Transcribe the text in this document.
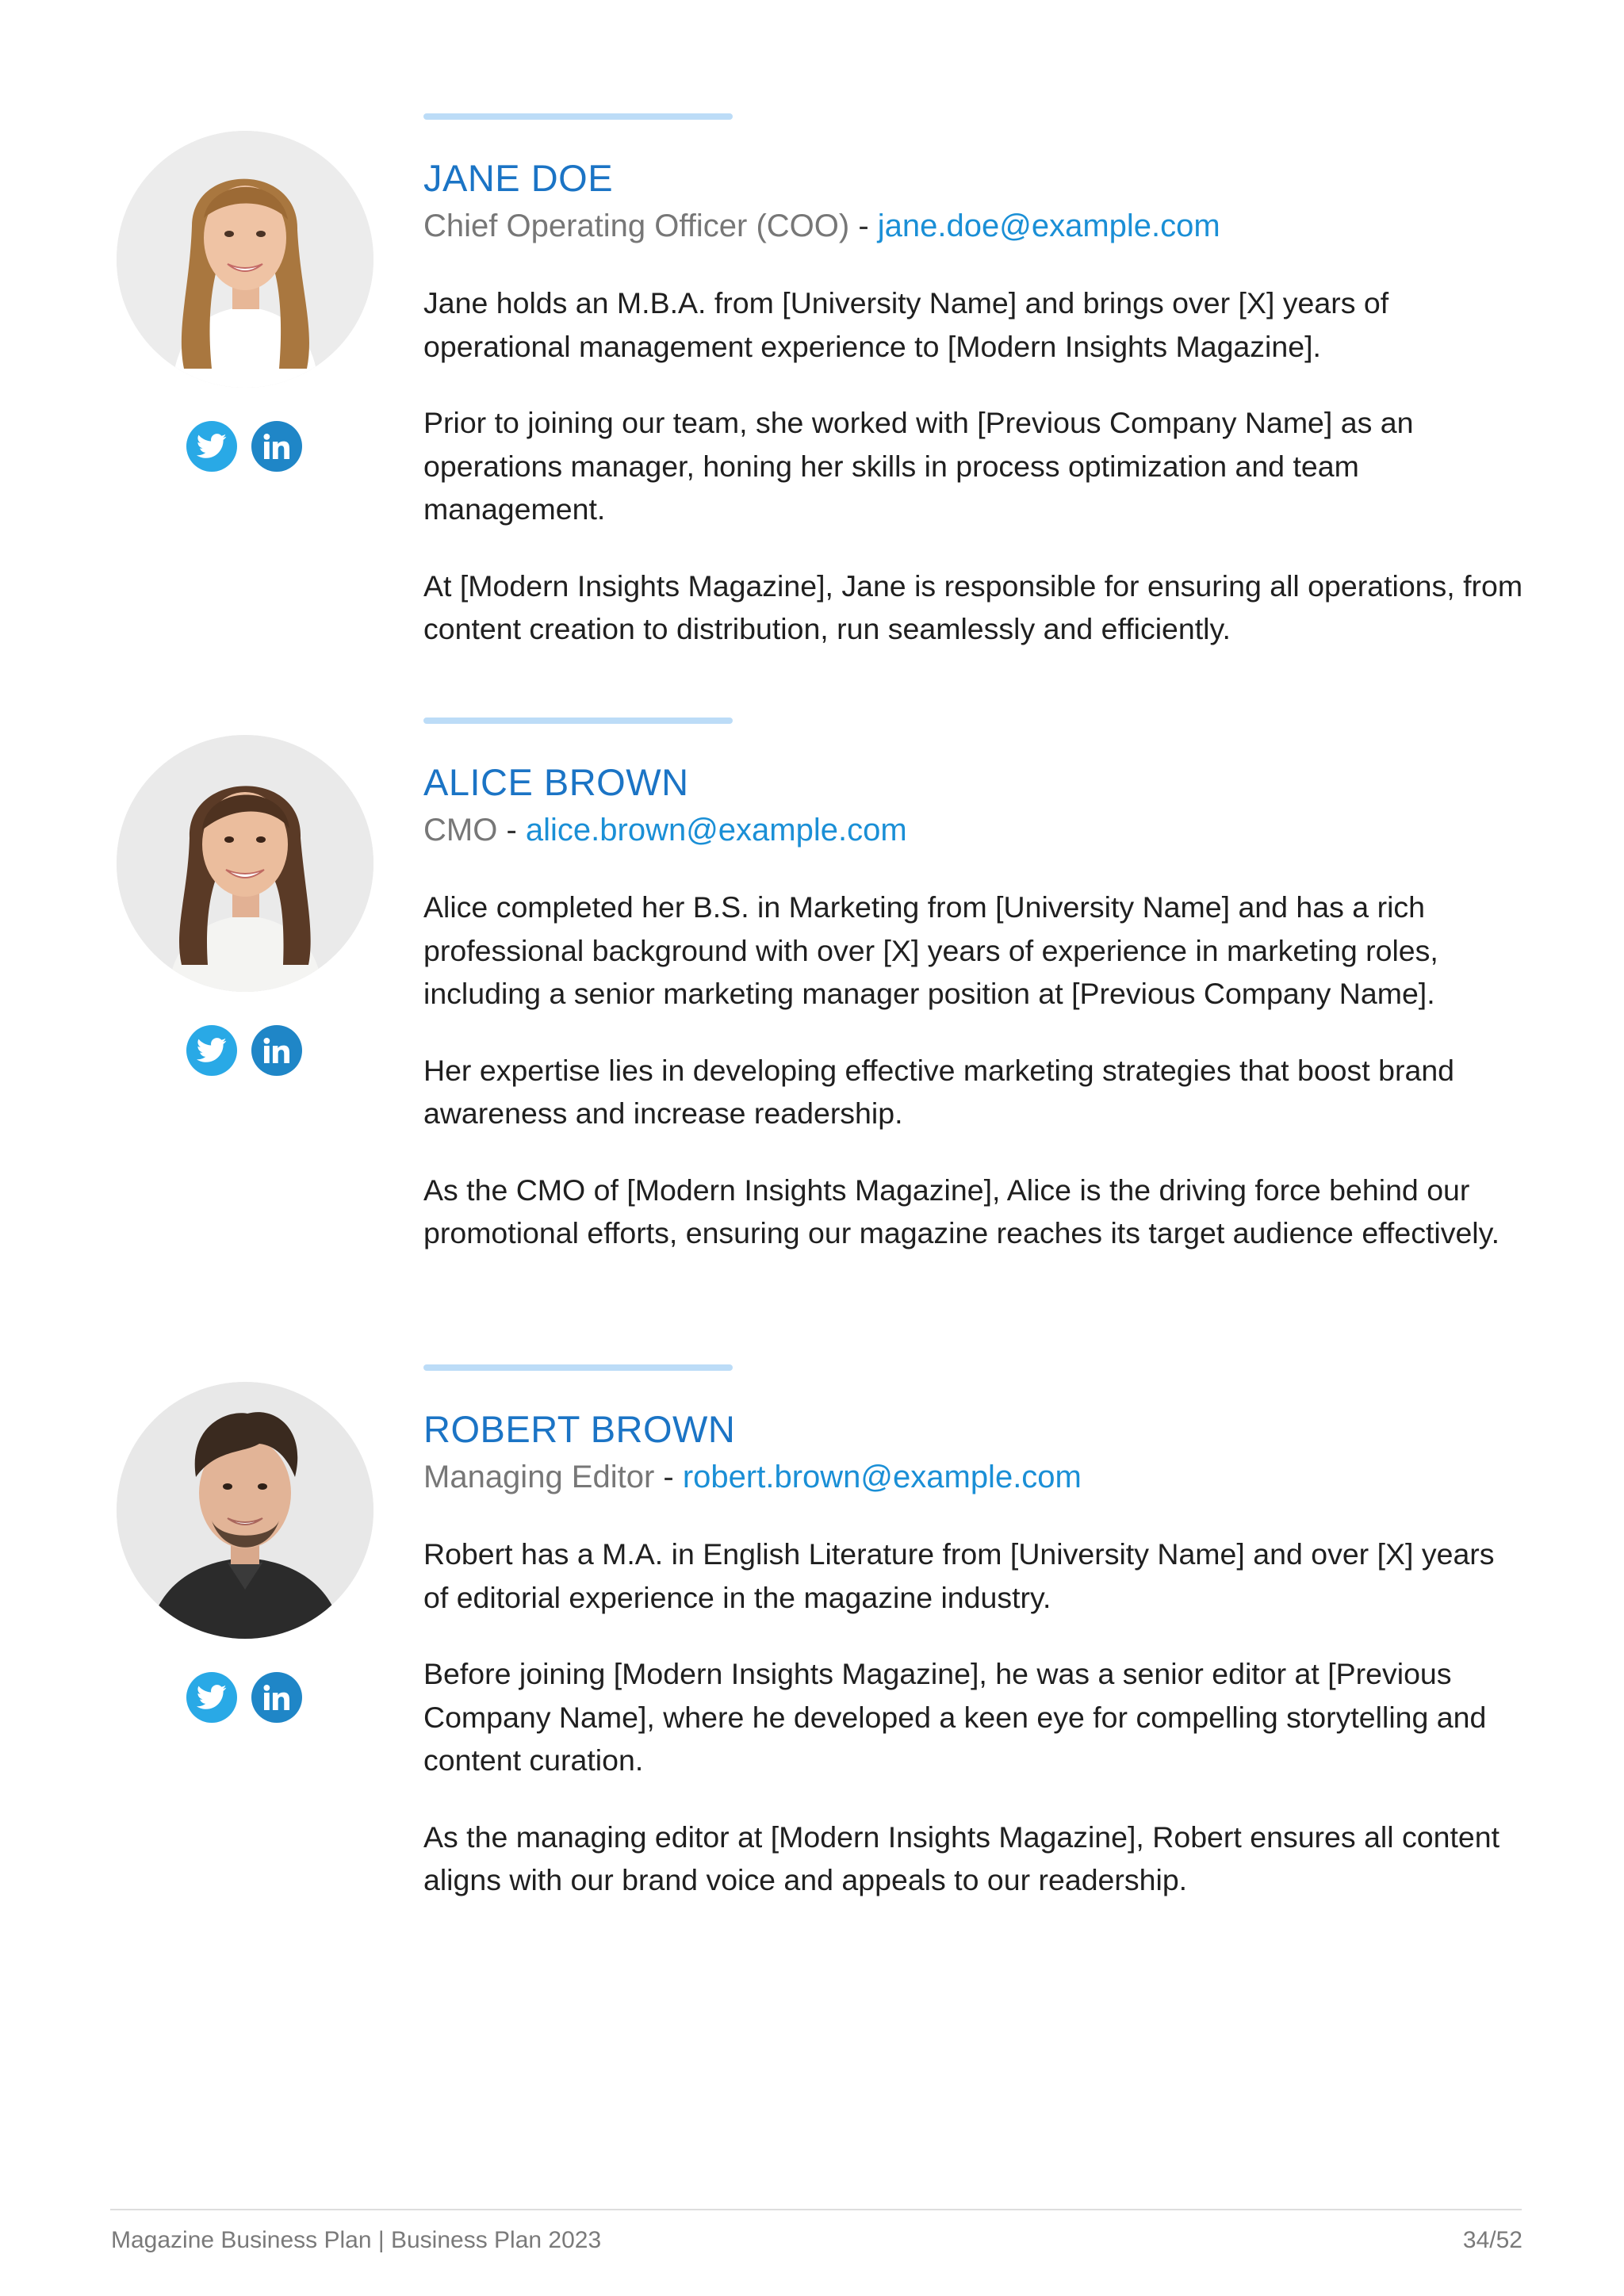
JANE DOE
Chief Operating Officer (COO) - jane.doe@example.com

Jane holds an M.B.A. from [University Name] and brings over [X] years of operational management experience to [Modern Insights Magazine].

Prior to joining our team, she worked with [Previous Company Name] as an operations manager, honing her skills in process optimization and team management.

At [Modern Insights Magazine], Jane is responsible for ensuring all operations, from content creation to distribution, run seamlessly and efficiently.

ALICE BROWN
CMO - alice.brown@example.com

Alice completed her B.S. in Marketing from [University Name] and has a rich professional background with over [X] years of experience in marketing roles, including a senior marketing manager position at [Previous Company Name].

Her expertise lies in developing effective marketing strategies that boost brand awareness and increase readership.

As the CMO of [Modern Insights Magazine], Alice is the driving force behind our promotional efforts, ensuring our magazine reaches its target audience effectively.

ROBERT BROWN
Managing Editor - robert.brown@example.com

Robert has a M.A. in English Literature from [University Name] and over [X] years of editorial experience in the magazine industry.

Before joining [Modern Insights Magazine], he was a senior editor at [Previous Company Name], where he developed a keen eye for compelling storytelling and content curation.

As the managing editor at [Modern Insights Magazine], Robert ensures all content aligns with our brand voice and appeals to our readership.

Magazine Business Plan | Business Plan 2023	34/52
